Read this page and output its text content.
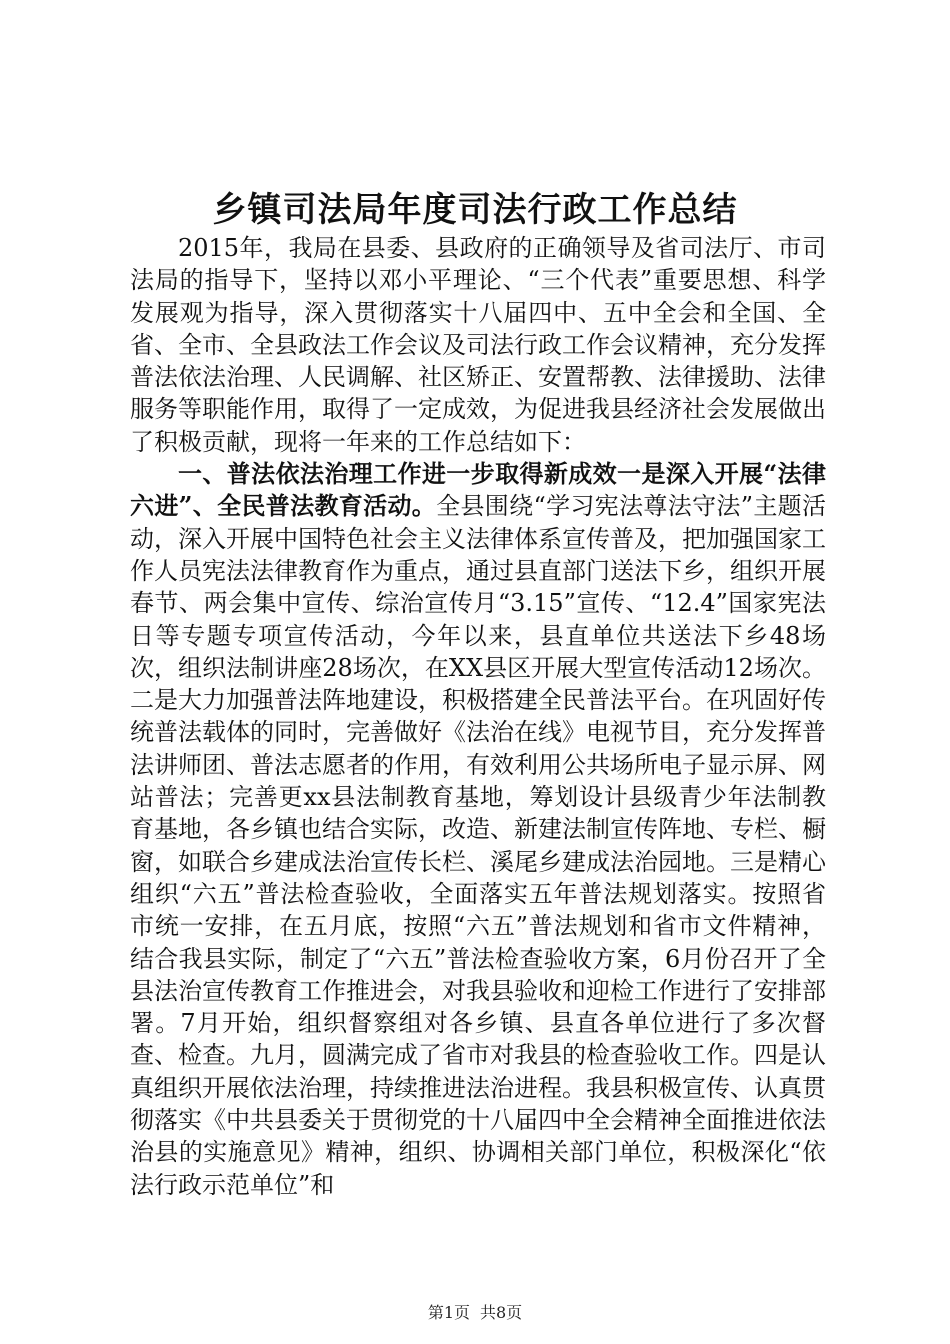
乡镇司法局年度司法行政工作总结

2015年，我局在县委、县政府的正确领导及省司法厅、市司法局的指导下，坚持以邓小平理论、“三个代表”重要思想、科学发展观为指导，深入贯彻落实十八届四中、五中全会和全国、全省、全市、全县政法工作会议及司法行政工作会议精神，充分发挥普法依法治理、人民调解、社区矫正、安置帮教、法律援助、法律服务等职能作用，取得了一定成效，为促进我县经济社会发展做出了积极贡献，现将一年来的工作总结如下：

一、普法依法治理工作进一步取得新成效一是深入开展“法律六进”、全民普法教育活动。全县围绕“学习宪法尊法守法”主题活动，深入开展中国特色社会主义法律体系宣传普及，把加强国家工作人员宪法法律教育作为重点，通过县直部门送法下乡，组织开展春节、两会集中宣传、综治宣传月“3.15”宣传、“12.4”国家宪法日等专题专项宣传活动，今年以来，县直单位共送法下乡48场次，组织法制讲座28场次，在XX县区开展大型宣传活动12场次。二是大力加强普法阵地建设，积极搭建全民普法平台。在巩固好传统普法载体的同时，完善做好《法治在线》电视节目，充分发挥普法讲师团、普法志愿者的作用，有效利用公共场所电子显示屏、网站普法；完善更xx县法制教育基地，筹划设计县级青少年法制教育基地，各乡镇也结合实际，改造、新建法制宣传阵地、专栏、橱窗，如联合乡建成法治宣传长栏、溪尾乡建成法治园地。三是精心组织“六五”普法检查验收，全面落实五年普法规划落实。按照省市统一安排，在五月底，按照“六五”普法规划和省市文件精神，结合我县实际，制定了“六五”普法检查验收方案，6月份召开了全县法治宣传教育工作推进会，对我县验收和迎检工作进行了安排部署。7月开始，组织督察组对各乡镇、县直各单位进行了多次督查、检查。九月，圆满完成了省市对我县的检查验收工作。四是认真组织开展依法治理，持续推进法治进程。我县积极宣传、认真贯彻落实《中共县委关于贯彻党的十八届四中全会精神全面推进依法治县的实施意见》精神，组织、协调相关部门单位，积极深化“依法行政示范单位”和

第1页 共8页
